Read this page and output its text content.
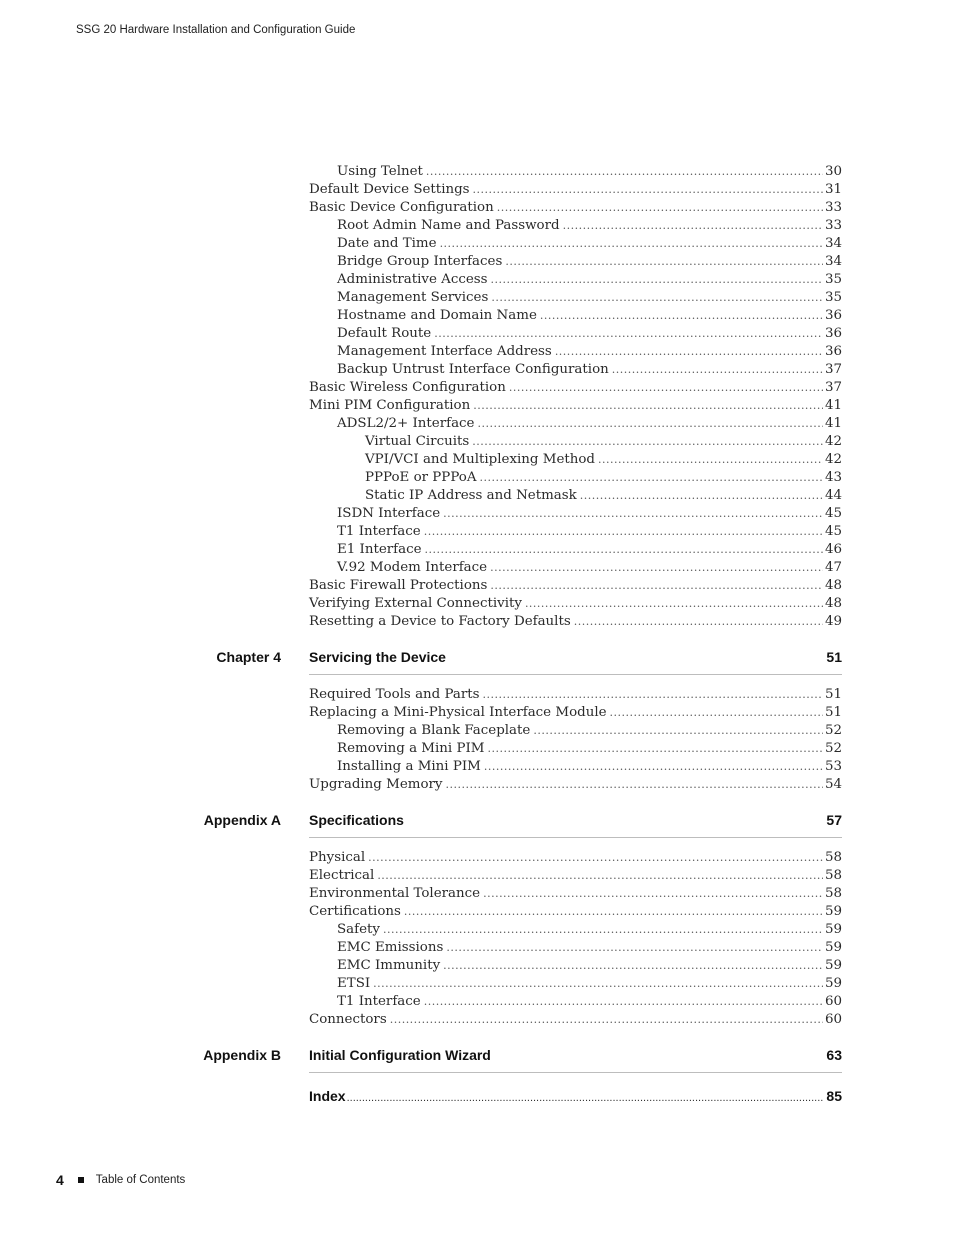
SSG 20 Hardware Installation and Configuration Guide
Using Telnet .....	30
Default Device Settings .....	31
Basic Device Configuration .....	33
Root Admin Name and Password .....	33
Date and Time .....	34
Bridge Group Interfaces .....	34
Administrative Access .....	35
Management Services .....	35
Hostname and Domain Name .....	36
Default Route .....	36
Management Interface Address .....	36
Backup Untrust Interface Configuration .....	37
Basic Wireless Configuration .....	37
Mini PIM Configuration .....	41
ADSL2/2+ Interface .....	41
Virtual Circuits .....	42
VPI/VCI and Multiplexing Method .....	42
PPPoE or PPPoA .....	43
Static IP Address and Netmask .....	44
ISDN Interface .....	45
T1 Interface .....	45
E1 Interface .....	46
V.92 Modem Interface .....	47
Basic Firewall Protections .....	48
Verifying External Connectivity .....	48
Resetting a Device to Factory Defaults .....	49
Chapter 4 Servicing the Device	51
Required Tools and Parts .....	51
Replacing a Mini-Physical Interface Module .....	51
Removing a Blank Faceplate .....	52
Removing a Mini PIM .....	52
Installing a Mini PIM .....	53
Upgrading Memory .....	54
Appendix A Specifications	57
Physical .....	58
Electrical .....	58
Environmental Tolerance .....	58
Certifications .....	59
Safety .....	59
EMC Emissions .....	59
EMC Immunity .....	59
ETSI .....	59
T1 Interface .....	60
Connectors .....	60
Appendix B Initial Configuration Wizard	63
Index .....	85
4	Table of Contents
